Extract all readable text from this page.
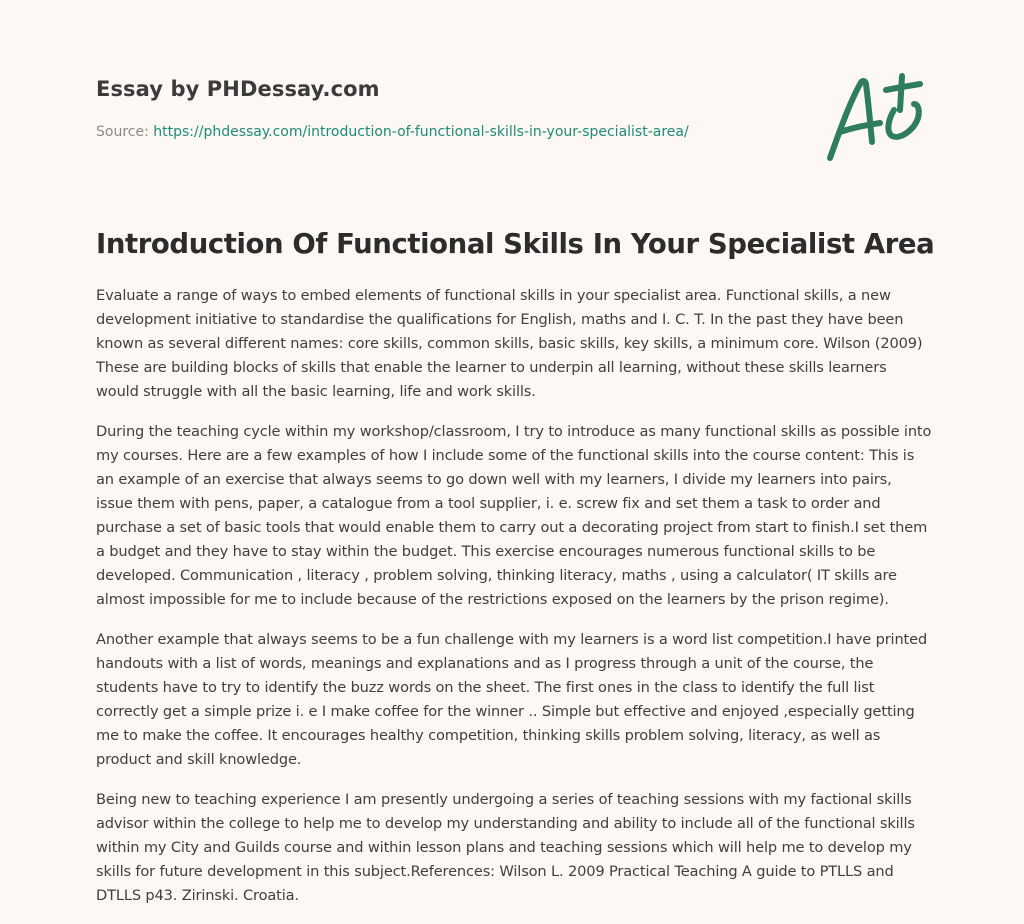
Essay by PHDessay.com
Source: https://phdessay.com/introduction-of-functional-skills-in-your-specialist-area/
Introduction Of Functional Skills In Your Specialist Area

Evaluate a range of ways to embed elements of functional skills in your specialist area. Functional skills, a new development initiative to standardise the qualifications for English, maths and I. C. T. In the past they have been known as several different names: core skills, common skills, basic skills, key skills, a minimum core. Wilson (2009) These are building blocks of skills that enable the learner to underpin all learning, without these skills learners would struggle with all the basic learning, life and work skills.

During the teaching cycle within my workshop/classroom, I try to introduce as many functional skills as possible into my courses. Here are a few examples of how I include some of the functional skills into the course content: This is an example of an exercise that always seems to go down well with my learners, I divide my learners into pairs, issue them with pens, paper, a catalogue from a tool supplier, i. e. screw fix and set them a task to order and purchase a set of basic tools that would enable them to carry out a decorating project from start to finish.I set them a budget and they have to stay within the budget. This exercise encourages numerous functional skills to be developed. Communication , literacy , problem solving, thinking literacy, maths , using a calculator( IT skills are almost impossible for me to include because of the restrictions exposed on the learners by the prison regime).

Another example that always seems to be a fun challenge with my learners is a word list competition.I have printed handouts with a list of words, meanings and explanations and as I progress through a unit of the course, the students have to try to identify the buzz words on the sheet. The first ones in the class to identify the full list correctly get a simple prize i. e I make coffee for the winner .. Simple but effective and enjoyed ,especially getting me to make the coffee. It encourages healthy competition, thinking skills problem solving, literacy, as well as product and skill knowledge.

Being new to teaching experience I am presently undergoing a series of teaching sessions with my factional skills advisor within the college to help me to develop my understanding and ability to include all of the functional skills within my City and Guilds course and within lesson plans and teaching sessions which will help me to develop my skills for future development in this subject.References: Wilson L. 2009 Practical Teaching A guide to PTLLS and DTLLS p43. Zirinski. Croatia.
